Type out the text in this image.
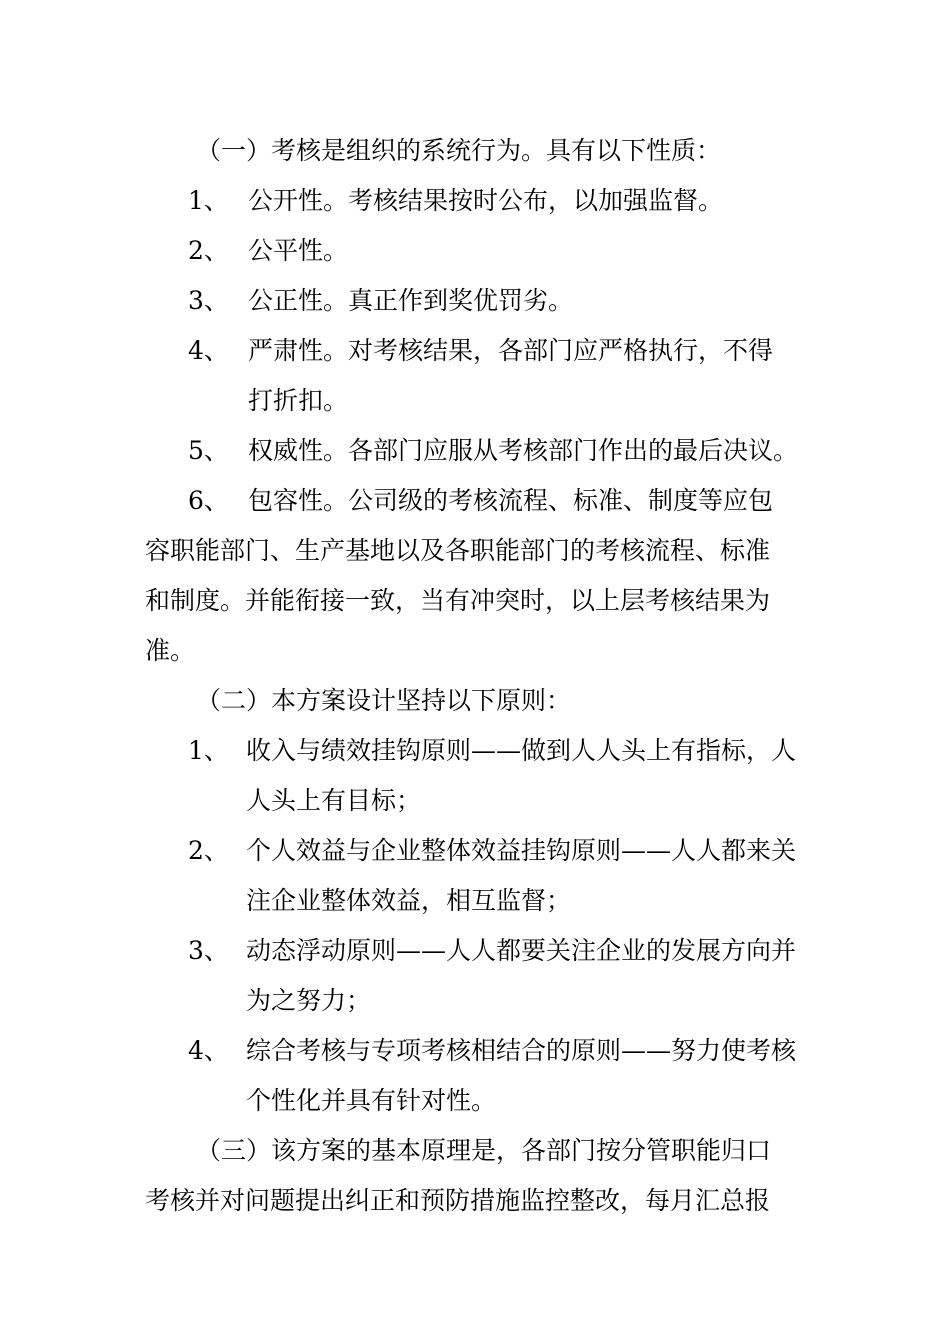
（一）考核是组织的系统行为。具有以下性质：
1、 公开性。考核结果按时公布，以加强监督。
2、 公平性。
3、 公正性。真正作到奖优罚劣。
4、 严肃性。对考核结果，各部门应严格执行，不得
打折扣。
5、 权威性。各部门应服从考核部门作出的最后决议。
6、 包容性。公司级的考核流程、标准、制度等应包
容职能部门、生产基地以及各职能部门的考核流程、标准
和制度。并能衔接一致，当有冲突时，以上层考核结果为
准。
（二）本方案设计坚持以下原则：
1、 收入与绩效挂钩原则——做到人人头上有指标，人
人头上有目标；
2、 个人效益与企业整体效益挂钩原则——人人都来关
注企业整体效益，相互监督；
3、 动态浮动原则——人人都要关注企业的发展方向并
为之努力；
4、 综合考核与专项考核相结合的原则——努力使考核
个性化并具有针对性。
（三）该方案的基本原理是，各部门按分管职能归口
考核并对问题提出纠正和预防措施监控整改，每月汇总报
